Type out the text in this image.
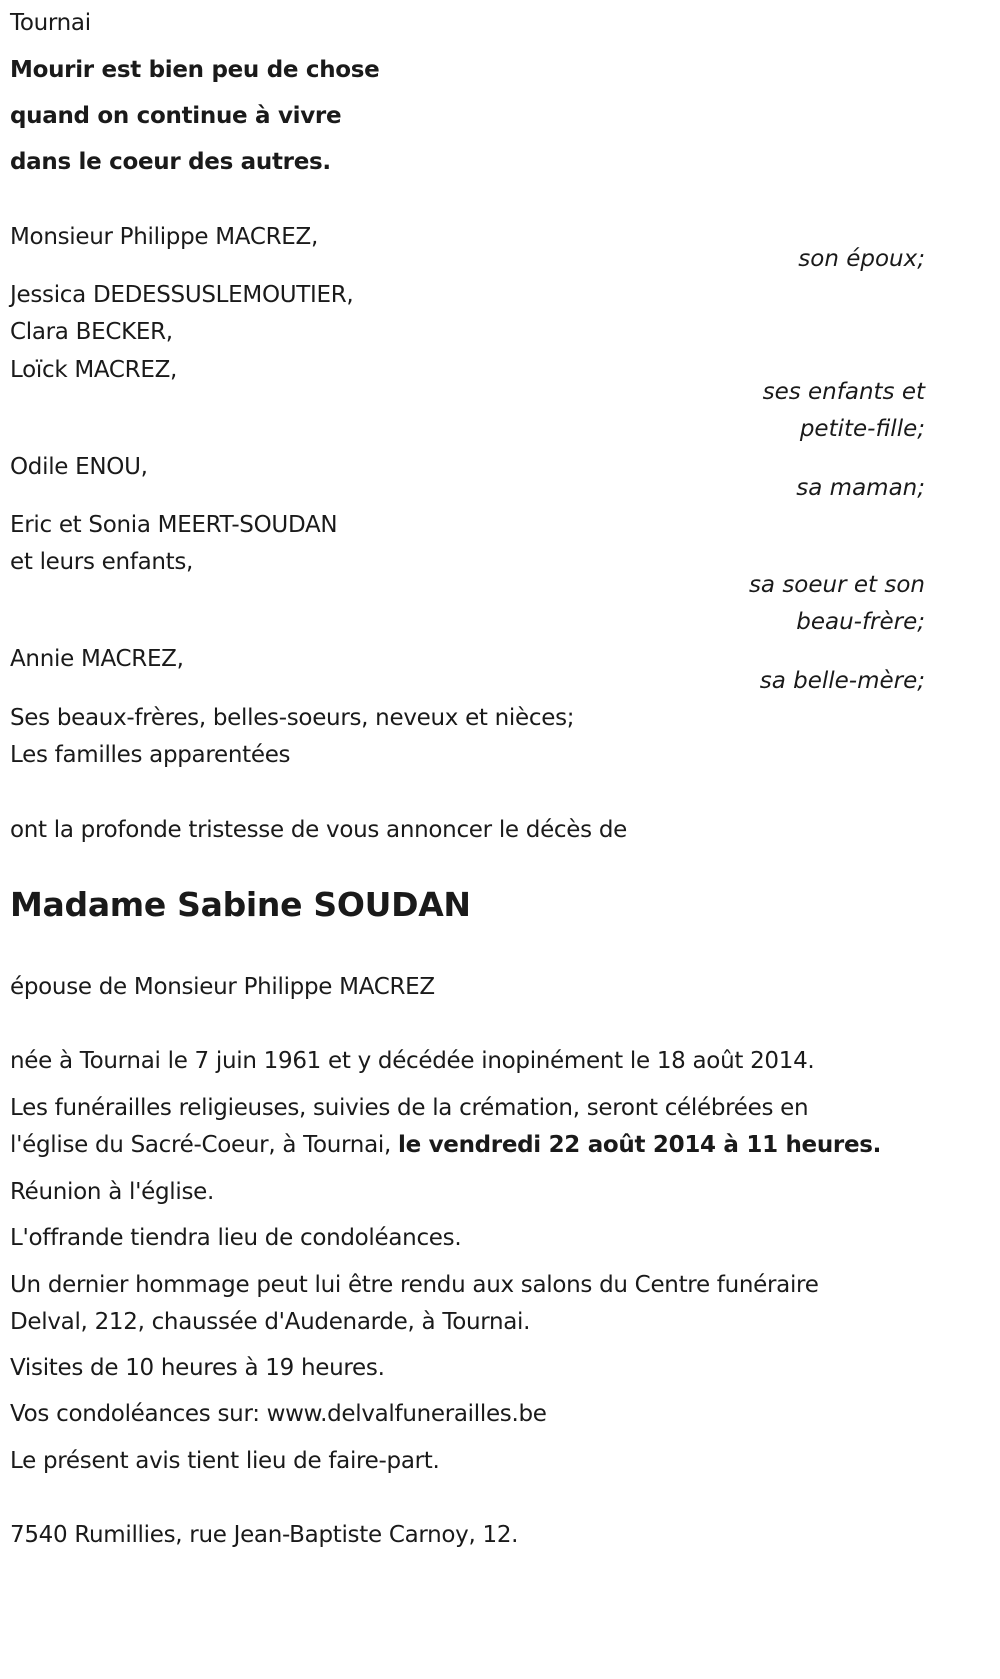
Tournai
Mourir est bien peu de chose
quand on continue à vivre
dans le coeur des autres.
Monsieur Philippe MACREZ,
son époux;
Jessica DEDESSUSLEMOUTIER,
Clara BECKER,
Loïck MACREZ,
ses enfants et
petite-fille;
Odile ENOU,
sa maman;
Eric et Sonia MEERT-SOUDAN
et leurs enfants,
sa soeur et son
beau-frère;
Annie MACREZ,
sa belle-mère;
Ses beaux-frères, belles-soeurs, neveux et nièces;
Les familles apparentées
ont la profonde tristesse de vous annoncer le décès de
Madame Sabine SOUDAN
épouse de Monsieur Philippe MACREZ
née à Tournai le 7 juin 1961 et y décédée inopinément le 18 août 2014.
Les funérailles religieuses, suivies de la crémation, seront célébrées en
l'église du Sacré-Coeur, à Tournai, le vendredi 22 août 2014 à 11 heures.
Réunion à l'église.
L'offrande tiendra lieu de condoléances.
Un dernier hommage peut lui être rendu aux salons du Centre funéraire
Delval, 212, chaussée d'Audenarde, à Tournai.
Visites de 10 heures à 19 heures.
Vos condoléances sur: www.delvalfunerailles.be
Le présent avis tient lieu de faire-part.
7540 Rumillies, rue Jean-Baptiste Carnoy, 12.
